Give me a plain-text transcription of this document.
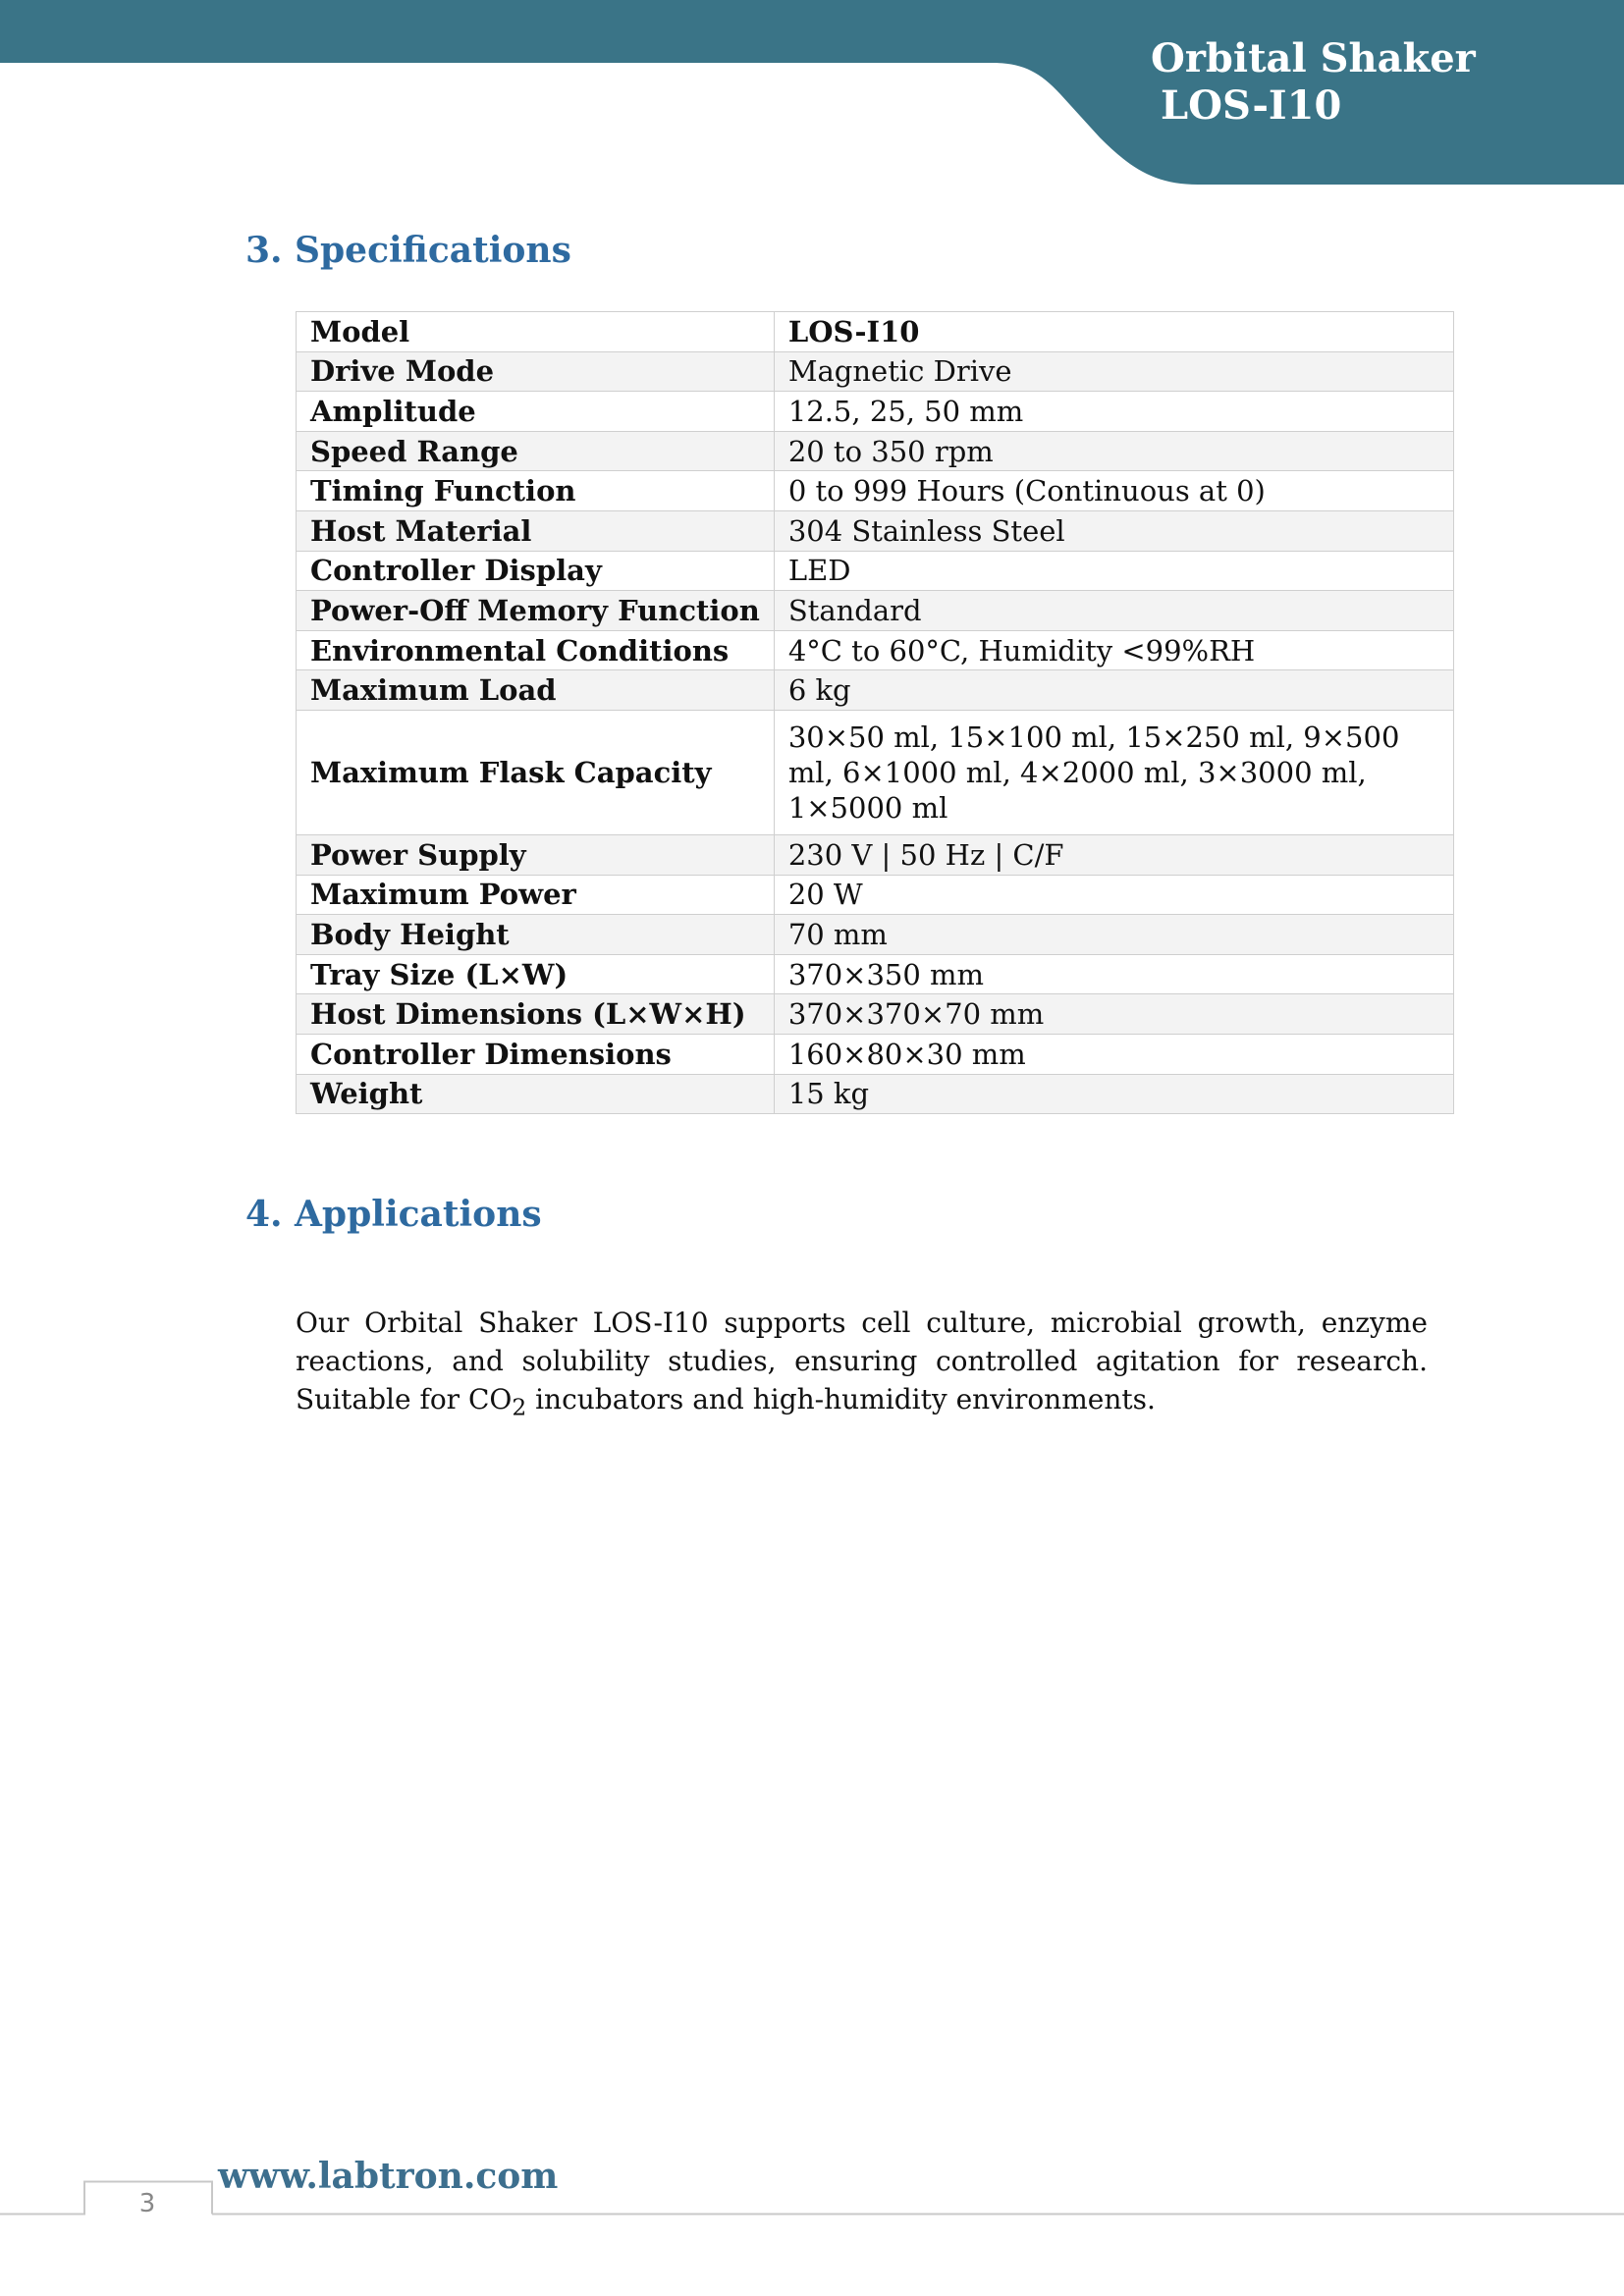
Orbital Shaker
LOS-I10
3. Specifications
Model	LOS-I10
Drive Mode	Magnetic Drive
Amplitude	12.5, 25, 50 mm
Speed Range	20 to 350 rpm
Timing Function	0 to 999 Hours (Continuous at 0)
Host Material	304 Stainless Steel
Controller Display	LED
Power-Off Memory Function	Standard
Environmental Conditions	4°C to 60°C, Humidity <99%RH
Maximum Load	6 kg
Maximum Flask Capacity	30×50 ml, 15×100 ml, 15×250 ml, 9×500 ml, 6×1000 ml, 4×2000 ml, 3×3000 ml, 1×5000 ml
Power Supply	230 V | 50 Hz | C/F
Maximum Power	20 W
Body Height	70 mm
Tray Size (L×W)	370×350 mm
Host Dimensions (L×W×H)	370×370×70 mm
Controller Dimensions	160×80×30 mm
Weight	15 kg
4. Applications

Our Orbital Shaker LOS-I10 supports cell culture, microbial growth, enzyme reactions, and solubility studies, ensuring controlled agitation for research. Suitable for $CO_2$ incubators and high-humidity environments.

www.labtron.com
3
